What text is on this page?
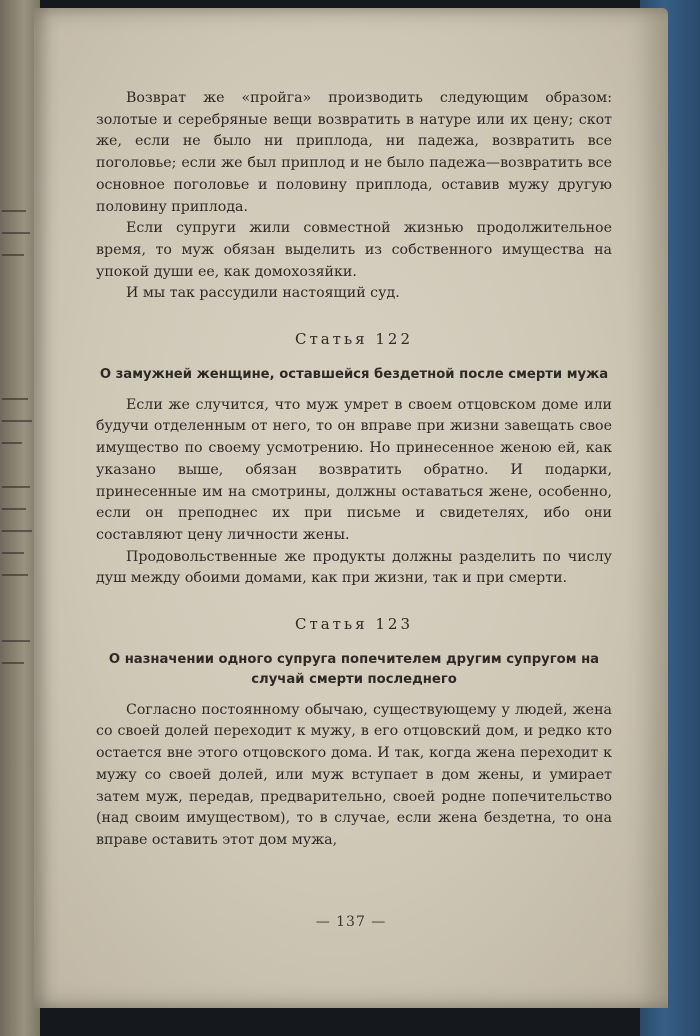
Возврат же «пройга» производить следующим образом: золотые и серебряные вещи возвратить в натуре или их цену; скот же, если не было ни приплода, ни падежа, возвратить все поголовье; если же был приплод и не было падежа—возвратить все основное поголовье и половину приплода, оставив мужу другую половину приплода.

Если супруги жили совместной жизнью продолжительное время, то муж обязан выделить из собственного имущества на упокой души ее, как домохозяйки.

И мы так рассудили настоящий суд.

Статья 122
О замужней женщине, оставшейся бездетной после смерти мужа

Если же случится, что муж умрет в своем отцовском доме или будучи отделенным от него, то он вправе при жизни завещать свое имущество по своему усмотрению. Но принесенное женою ей, как указано выше, обязан возвратить обратно. И подарки, принесенные им на смотрины, должны оставаться жене, особенно, если он преподнес их при письме и свидетелях, ибо они составляют цену личности жены.

Продовольственные же продукты должны разделить по числу душ между обоими домами, как при жизни, так и при смерти.

Статья 123
О назначении одного супруга попечителем другим супругом на случай смерти последнего

Согласно постоянному обычаю, существующему у людей, жена со своей долей переходит к мужу, в его отцовский дом, и редко кто остается вне этого отцовского дома. И так, когда жена переходит к мужу со своей долей, или муж вступает в дом жены, и умирает затем муж, передав, предварительно, своей родне попечительство (над своим имуществом), то в случае, если жена бездетна, то она вправе оставить этот дом мужа,

— 137 —
